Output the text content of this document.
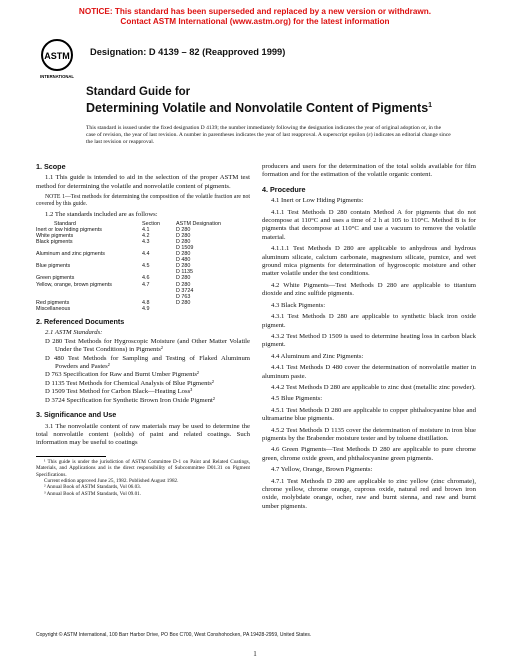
NOTICE: This standard has been superseded and replaced by a new version or withdrawn.
Contact ASTM International (www.astm.org) for the latest information
ASTM
INTERNATIONAL
Designation: D 4139 – 82 (Reapproved 1999)
Standard Guide for
Determining Volatile and Nonvolatile Content of Pigments$^1$
This standard is issued under the fixed designation D 4139; the number immediately following the designation indicates the year of original adoption or, in the case of revision, the year of last revision. A number in parentheses indicates the year of last reapproval. A superscript epsilon (ε) indicates an editorial change since the last revision or reapproval.

1. Scope

1.1 This guide is intended to aid in the selection of the proper ASTM test method for determining the volatile and nonvolatile content of pigments.

NOTE 1—Test methods for determining the composition of the volatile fraction are not covered by this guide.

1.2 The standards included are as follows:

Standard	Section	ASTM Designation
Inert or low hiding pigments	4.1	D 280
White pigments	4.2	D 280
Black pigments	4.3	D 280
		D 1509
Aluminum and zinc pigments	4.4	D 280
		D 480
Blue pigments	4.5	D 280
		D 1135
Green pigments	4.6	D 280
Yellow, orange, brown pigments	4.7	D 280
		D 3724
		D 763
Red pigments	4.8	D 280
Miscellaneous	4.9	

2. Referenced Documents

2.1 ASTM Standards:

D 280 Test Methods for Hygroscopic Moisture (and Other Matter Volatile Under the Test Conditions) in Pigments²

D 480 Test Methods for Sampling and Testing of Flaked Aluminum Powders and Pastes²

D 763 Specification for Raw and Burnt Umber Pigments²

D 1135 Test Methods for Chemical Analysis of Blue Pigments²

D 1509 Test Method for Carbon Black—Heating Loss³

D 3724 Specification for Synthetic Brown Iron Oxide Pigment²

3. Significance and Use

3.1 The nonvolatile content of raw materials may be used to determine the total nonvolatile content (solids) of paint and related coatings. Such information may be useful to coatings

¹ This guide is under the jurisdiction of ASTM Committee D-1 on Paint and Related Coatings, Materials, and Applications and is the direct responsibility of Subcommittee D01.31 on Pigment Specifications.

Current edition approved June 25, 1982. Published August 1982.

² Annual Book of ASTM Standards, Vol 06.03.

³ Annual Book of ASTM Standards, Vol 09.01.

producers and users for the determination of the total solids available for film formation and for the estimation of the volatile organic content.

4. Procedure

4.1 Inert or Low Hiding Pigments:

4.1.1 Test Methods D 280 contain Method A for pigments that do not decompose at 110°C and uses a time of 2 h at 105 to 110°C. Method B is for pigments that decompose at 110°C and use a vacuum to remove the volatile material.

4.1.1.1 Test Methods D 280 are applicable to anhydrous and hydrous aluminum silicate, calcium carbonate, magnesium silicate, pumice, and wet ground mica pigments for determination of hygroscopic moisture and other matter volatile under the test conditions.

4.2 White Pigments—Test Methods D 280 are applicable to titanium dioxide and zinc sulfide pigments.

4.3 Black Pigments:

4.3.1 Test Methods D 280 are applicable to synthetic black iron oxide pigment.

4.3.2 Test Method D 1509 is used to determine heating loss in carbon black pigment.

4.4 Aluminum and Zinc Pigments:

4.4.1 Test Methods D 480 cover the determination of nonvolatile matter in aluminum paste.

4.4.2 Test Methods D 280 are applicable to zinc dust (metallic zinc powder).

4.5 Blue Pigments:

4.5.1 Test Methods D 280 are applicable to copper phthalocyanine blue and ultramarine blue pigments.

4.5.2 Test Methods D 1135 cover the determination of moisture in iron blue pigments by the Brabender moisture tester and by toluene distillation.

4.6 Green Pigments—Test Methods D 280 are applicable to pure chrome green, chrome oxide green, and phthalocyanine green pigments.

4.7 Yellow, Orange, Brown Pigments:

4.7.1 Test Methods D 280 are applicable to zinc yellow (zinc chromate), chrome yellow, chrome orange, cuprous oxide, natural red and brown iron oxide, molybdate orange, ocher, raw and burnt sienna, and raw and burnt umber pigments.

Copyright © ASTM International, 100 Barr Harbor Drive, PO Box C700, West Conshohocken, PA 19428-2959, United States.
1
